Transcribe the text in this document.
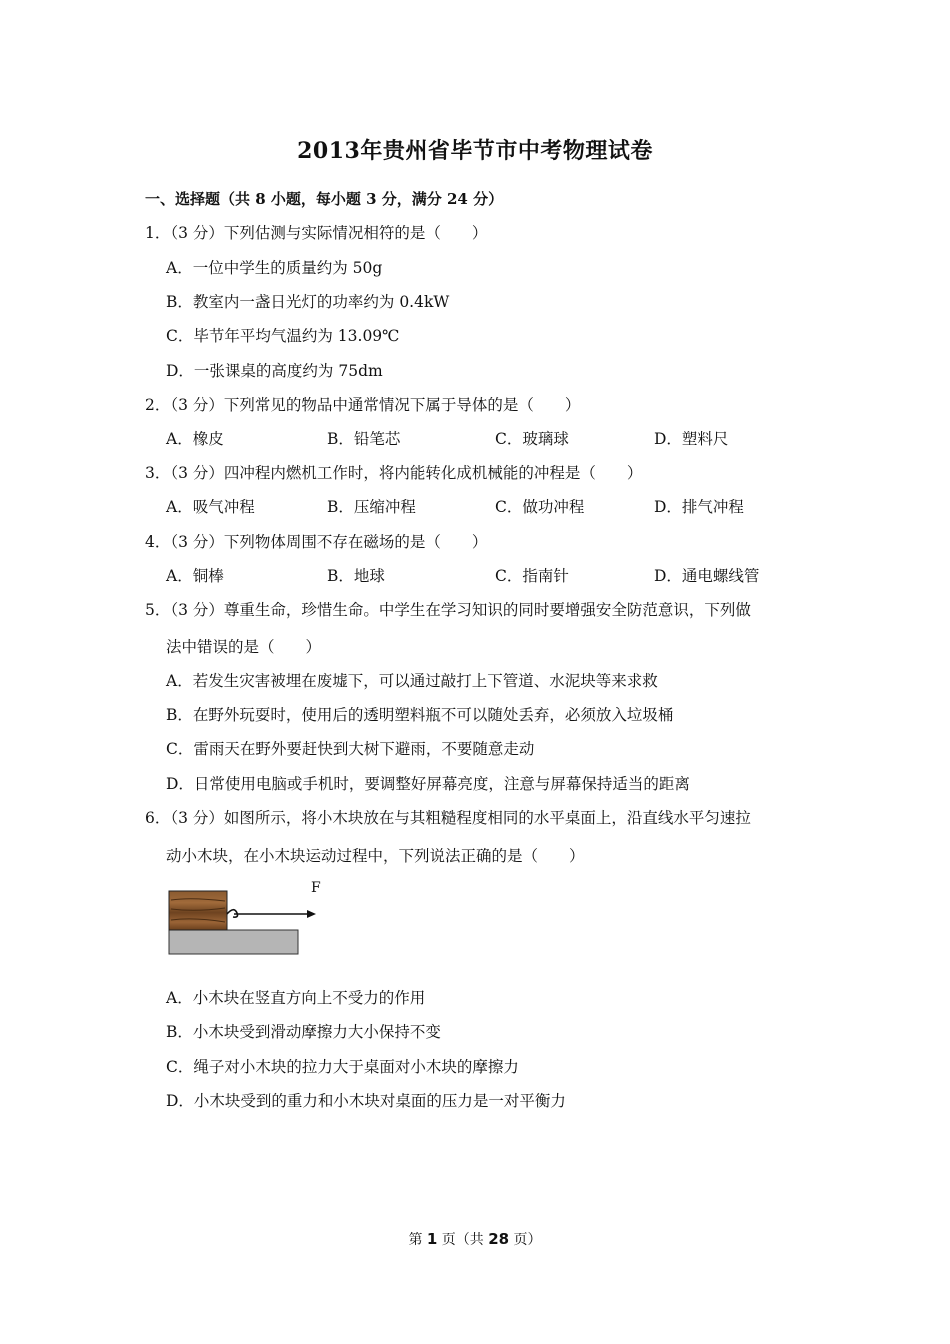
2013年贵州省毕节市中考物理试卷
一、选择题（共 8 小题，每小题 3 分，满分 24 分）
1．（3 分）下列估测与实际情况相符的是（　　）
A．一位中学生的质量约为 50g
B．教室内一盏日光灯的功率约为 0.4kW
C．毕节年平均气温约为 13.09℃
D．一张课桌的高度约为 75dm
2．（3 分）下列常见的物品中通常情况下属于导体的是（　　）
A．橡皮	B．铅笔芯	C．玻璃球	D．塑料尺
3．（3 分）四冲程内燃机工作时，将内能转化成机械能的冲程是（　　）
A．吸气冲程	B．压缩冲程	C．做功冲程	D．排气冲程
4．（3 分）下列物体周围不存在磁场的是（　　）
A．铜棒	B．地球	C．指南针	D．通电螺线管
5．（3 分）尊重生命，珍惜生命。中学生在学习知识的同时要增强安全防范意识，下列做
法中错误的是（　　）
A．若发生灾害被埋在废墟下，可以通过敲打上下管道、水泥块等来求救
B．在野外玩耍时，使用后的透明塑料瓶不可以随处丢弃，必须放入垃圾桶
C．雷雨天在野外要赶快到大树下避雨，不要随意走动
D．日常使用电脑或手机时，要调整好屏幕亮度，注意与屏幕保持适当的距离
6．（3 分）如图所示，将小木块放在与其粗糙程度相同的水平桌面上，沿直线水平匀速拉
动小木块，在小木块运动过程中，下列说法正确的是（　　）
F
A．小木块在竖直方向上不受力的作用
B．小木块受到滑动摩擦力大小保持不变
C．绳子对小木块的拉力大于桌面对小木块的摩擦力
D．小木块受到的重力和小木块对桌面的压力是一对平衡力
第 1 页（共 28 页）
